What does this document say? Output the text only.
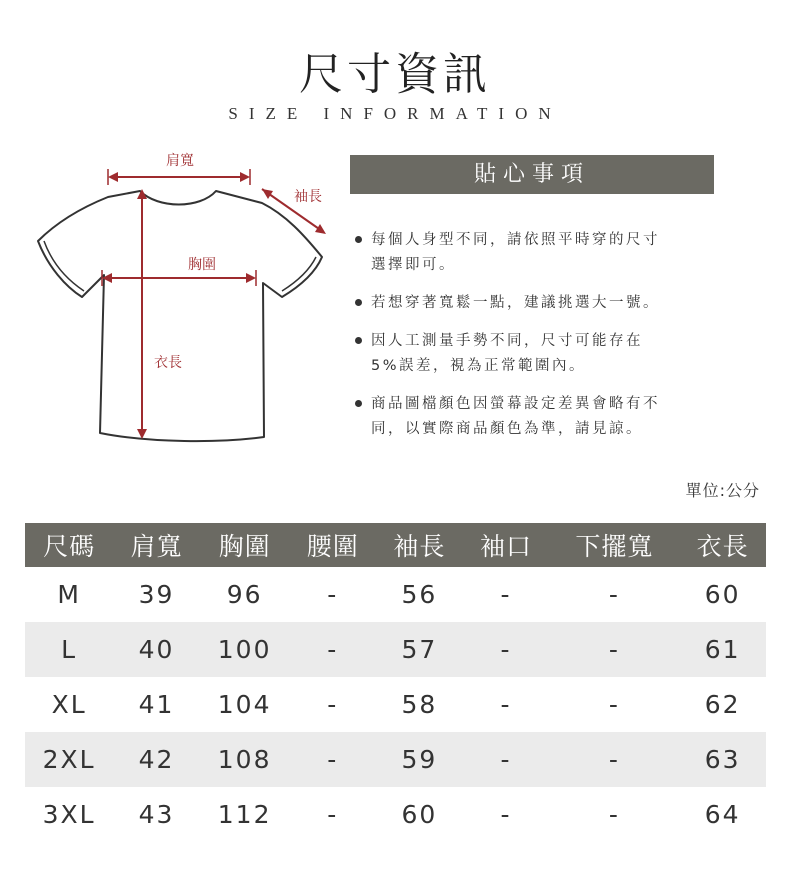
尺寸資訊
SIZE INFORMATION
肩寬
袖長
胸圍
衣長
貼心事項
每個人身型不同，請依照平時穿的尺寸
選擇即可。
若想穿著寬鬆一點，建議挑選大一號。
因人工測量手勢不同，尺寸可能存在
5%誤差，視為正常範圍內。
商品圖檔顏色因螢幕設定差異會略有不
同，以實際商品顏色為準，請見諒。
單位:公分
尺碼	肩寬	胸圍	腰圍	袖長	袖口	下擺寬	衣長
M	39	96	-	56	-	-	60
L	40	100	-	57	-	-	61
XL	41	104	-	58	-	-	62
2XL	42	108	-	59	-	-	63
3XL	43	112	-	60	-	-	64
